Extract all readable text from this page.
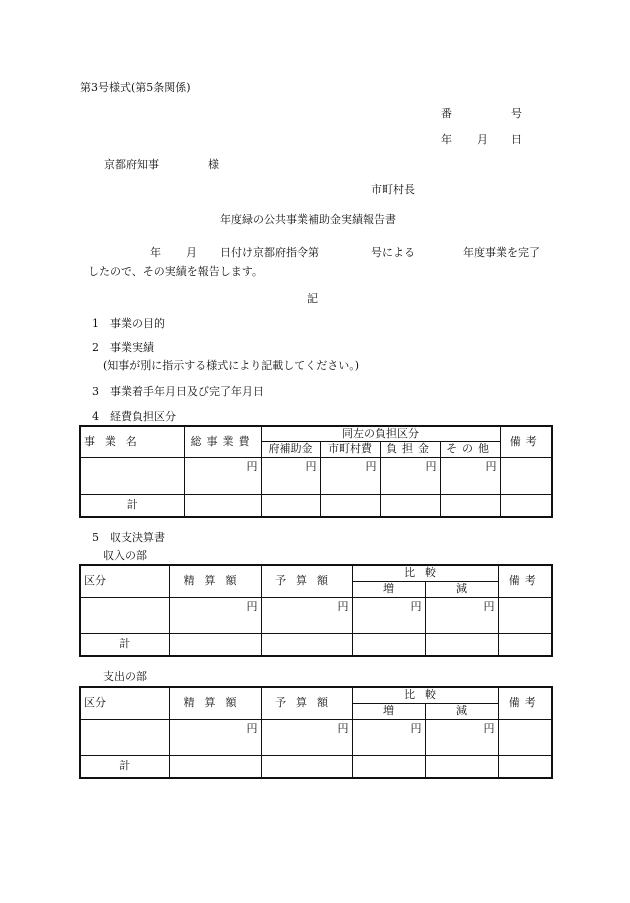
第3号様式(第5条関係)
番	号
年 月 日
京都府知事	様
市町村長
年度緑の公共事業補助金実績報告書
年 月 日付け京都府指令第	号による	年度事業を完了
したので、その実績を報告します。
記
1 事業の目的
2 事業実績
(知事が別に指示する様式により記載してください。)
3 事業着手年月日及び完了年月日
4 経費負担区分
事業名	総事業費	同左の負担区分				備考
		府補助金	市町村費	負担金	その他	
	円	円	円	円	円	
計						
5 収支決算書
収入の部
区分	精算額	予算額	比較		備考
			増	減	
	円	円	円	円	
計					
支出の部
区分	精算額	予算額	比較		備考
			増	減	
	円	円	円	円	
計					
